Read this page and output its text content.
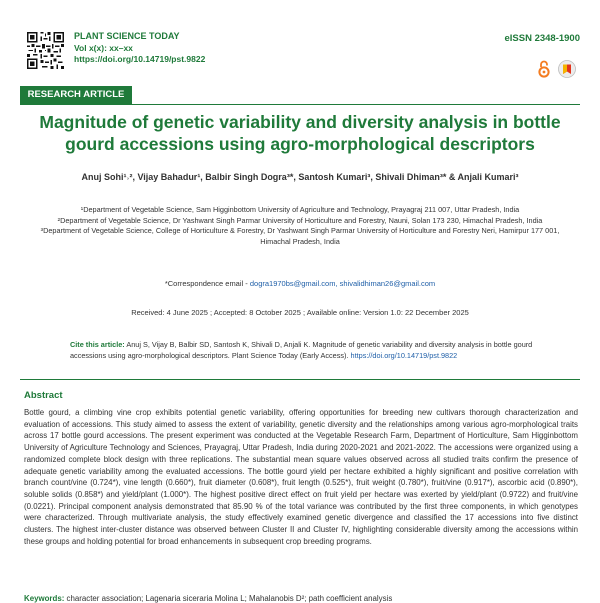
PLANT SCIENCE TODAY
Vol x(x): xx–xx
https://doi.org/10.14719/pst.9822
eISSN 2348-1900
RESEARCH ARTICLE
Magnitude of genetic variability and diversity analysis in bottle gourd accessions using agro-morphological descriptors
Anuj Sohi¹˒², Vijay Bahadur¹, Balbir Singh Dogra³*, Santosh Kumari³, Shivali Dhiman³* & Anjali Kumari³
¹Department of Vegetable Science, Sam Higginbottom University of Agriculture and Technology, Prayagraj 211 007, Uttar Pradesh, India
²Department of Vegetable Science, Dr Yashwant Singh Parmar University of Horticulture and Forestry, Nauni, Solan 173 230, Himachal Pradesh, India
³Department of Vegetable Science, College of Horticulture & Forestry, Dr Yashwant Singh Parmar University of Horticulture and Forestry Neri, Hamirpur 177 001, Himachal Pradesh, India
*Correspondence email - dogra1970bs@gmail.com, shivalidhiman26@gmail.com
Received: 4 June 2025 ; Accepted: 8 October 2025 ; Available online: Version 1.0: 22 December 2025
Cite this article: Anuj S, Vijay B, Balbir SD, Santosh K, Shivali D, Anjali K. Magnitude of genetic variability and diversity analysis in bottle gourd accessions using agro-morphological descriptors. Plant Science Today (Early Access). https://doi.org/10.14719/pst.9822
Abstract
Bottle gourd, a climbing vine crop exhibits potential genetic variability, offering opportunities for breeding new cultivars thorough characterization and evaluation of accessions. This study aimed to assess the extent of variability, genetic diversity and the relationships among various agro-morphological traits across 17 bottle gourd accessions. The present experiment was conducted at the Vegetable Research Farm, Department of Horticulture, Sam Higginbottom University of Agriculture Technology and Sciences, Prayagraj, Uttar Pradesh, India during 2020-2021 and 2021-2022. The accessions were organized using a randomized complete block design with three replications. The substantial mean square values observed across all studied traits confirm the presence of adequate genetic variability among the evaluated accessions. The bottle gourd yield per hectare exhibited a highly significant and positive correlation with branch count/vine (0.724*), vine length (0.660*), fruit diameter (0.608*), fruit length (0.525*), fruit weight (0.780*), fruit/vine (0.917*), ascorbic acid (0.890*), soluble solids (0.858*) and yield/plant (1.000*). The highest positive direct effect on fruit yield per hectare was exerted by yield/plant (0.9722) and fruit/vine (0.0221). Principal component analysis demonstrated that 85.90 % of the total variance was contributed by the first three components, in which genotypes were characterized. Through multivariate analysis, the study effectively examined genetic divergence and classified the 17 accessions into five distinct clusters. The highest inter-cluster distance was observed between Cluster II and Cluster IV, highlighting considerable diversity among the accessions within these groups and holding potential for broad enhancements in subsequent crop breeding programs.
Keywords: character association; Lagenaria siceraria Molina L; Mahalanobis D²; path coefficient analysis
